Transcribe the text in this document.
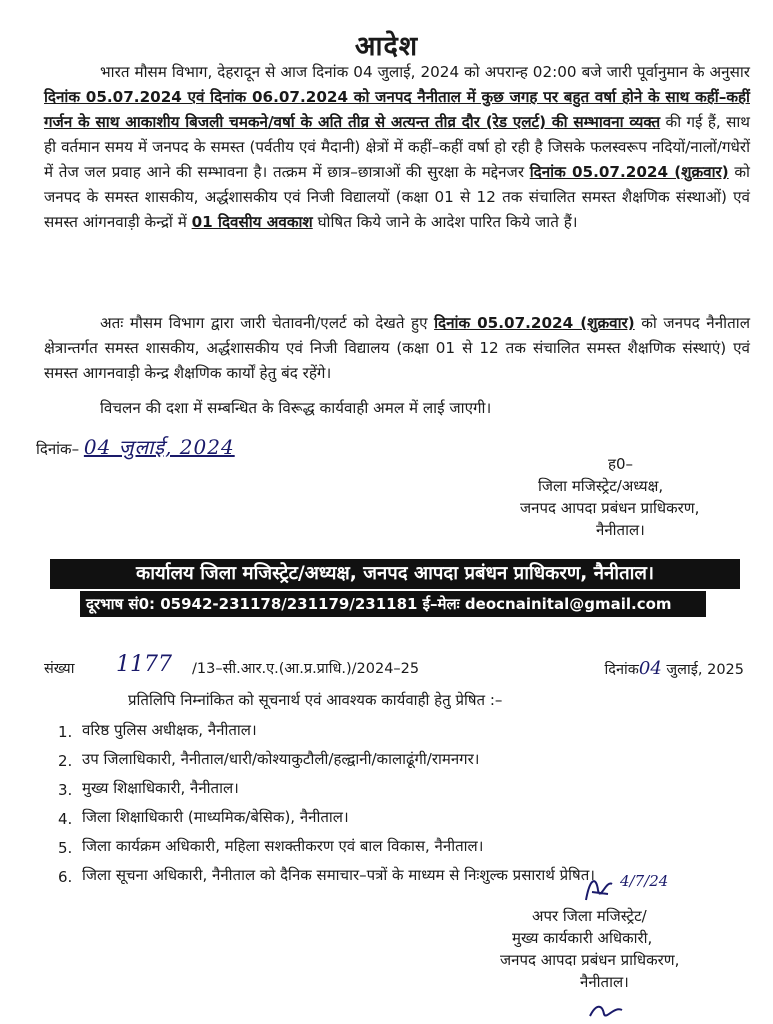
आदेश
भारत मौसम विभाग, देहरादून से आज दिनांक 04 जुलाई, 2024 को अपरान्ह 02:00 बजे जारी पूर्वानुमान के अनुसार दिनांक 05.07.2024 एवं दिनांक 06.07.2024 को जनपद नैनीताल में कुछ जगह पर बहुत वर्षा होने के साथ कहीं–कहीं गर्जन के साथ आकाशीय बिजली चमकने/वर्षा के अति तीव्र से अत्यन्त तीव्र दौर (रेड एलर्ट) की सम्भावना व्यक्त की गई हैं, साथ ही वर्तमान समय में जनपद के समस्त (पर्वतीय एवं मैदानी) क्षेत्रों में कहीं–कहीं वर्षा हो रही है जिसके फलस्वरूप नदियों/नालों/गधेरों में तेज जल प्रवाह आने की सम्भावना है। तत्क्रम में छात्र–छात्राओं की सुरक्षा के मद्देनजर दिनांक 05.07.2024 (शुक्रवार) को जनपद के समस्त शासकीय, अर्द्धशासकीय एवं निजी विद्यालयों (कक्षा 01 से 12 तक संचालित समस्त शैक्षणिक संस्थाओं) एवं समस्त आंगनवाड़ी केन्द्रों में 01 दिवसीय अवकाश घोषित किये जाने के आदेश पारित किये जाते हैं।
अतः मौसम विभाग द्वारा जारी चेतावनी/एलर्ट को देखते हुए दिनांक 05.07.2024 (शुक्रवार) को जनपद नैनीताल क्षेत्रान्तर्गत समस्त शासकीय, अर्द्धशासकीय एवं निजी विद्यालय (कक्षा 01 से 12 तक संचालित समस्त शैक्षणिक संस्थाएं) एवं समस्त आगनवाड़ी केन्द्र शैक्षणिक कार्यों हेतु बंद रहेंगे।
विचलन की दशा में सम्बन्धित के विरूद्ध कार्यवाही अमल में लाई जाएगी।
दिनांक– 04 जुलाई, 2024
ह0–
जिला मजिस्ट्रेट/अध्यक्ष,
जनपद आपदा प्रबंधन प्राधिकरण,
नैनीताल।
कार्यालय जिला मजिस्ट्रेट/अध्यक्ष, जनपद आपदा प्रबंधन प्राधिकरण, नैनीताल।
दूरभाष सं0: 05942-231178/231179/231181 ई–मेलः deocnainital@gmail.com
संख्या 1177 /13–सी.आर.ए.(आ.प्र.प्राधि.)/2024–25	दिनांक04 जुलाई, 2025
प्रतिलिपि निम्नांकित को सूचनार्थ एवं आवश्यक कार्यवाही हेतु प्रेषित :–
1. वरिष्ठ पुलिस अधीक्षक, नैनीताल।
2. उप जिलाधिकारी, नैनीताल/धारी/कोश्याकुटौली/हल्द्वानी/कालाढूंगी/रामनगर।
3. मुख्य शिक्षाधिकारी, नैनीताल।
4. जिला शिक्षाधिकारी (माध्यमिक/बेसिक), नैनीताल।
5. जिला कार्यक्रम अधिकारी, महिला सशक्तीकरण एवं बाल विकास, नैनीताल।
6. जिला सूचना अधिकारी, नैनीताल को दैनिक समाचार–पत्रों के माध्यम से निःशुल्क प्रसारार्थ प्रेषित। 4/7/24
अपर जिला मजिस्ट्रेट/
मुख्य कार्यकारी अधिकारी,
जनपद आपदा प्रबंधन प्राधिकरण,
नैनीताल।
